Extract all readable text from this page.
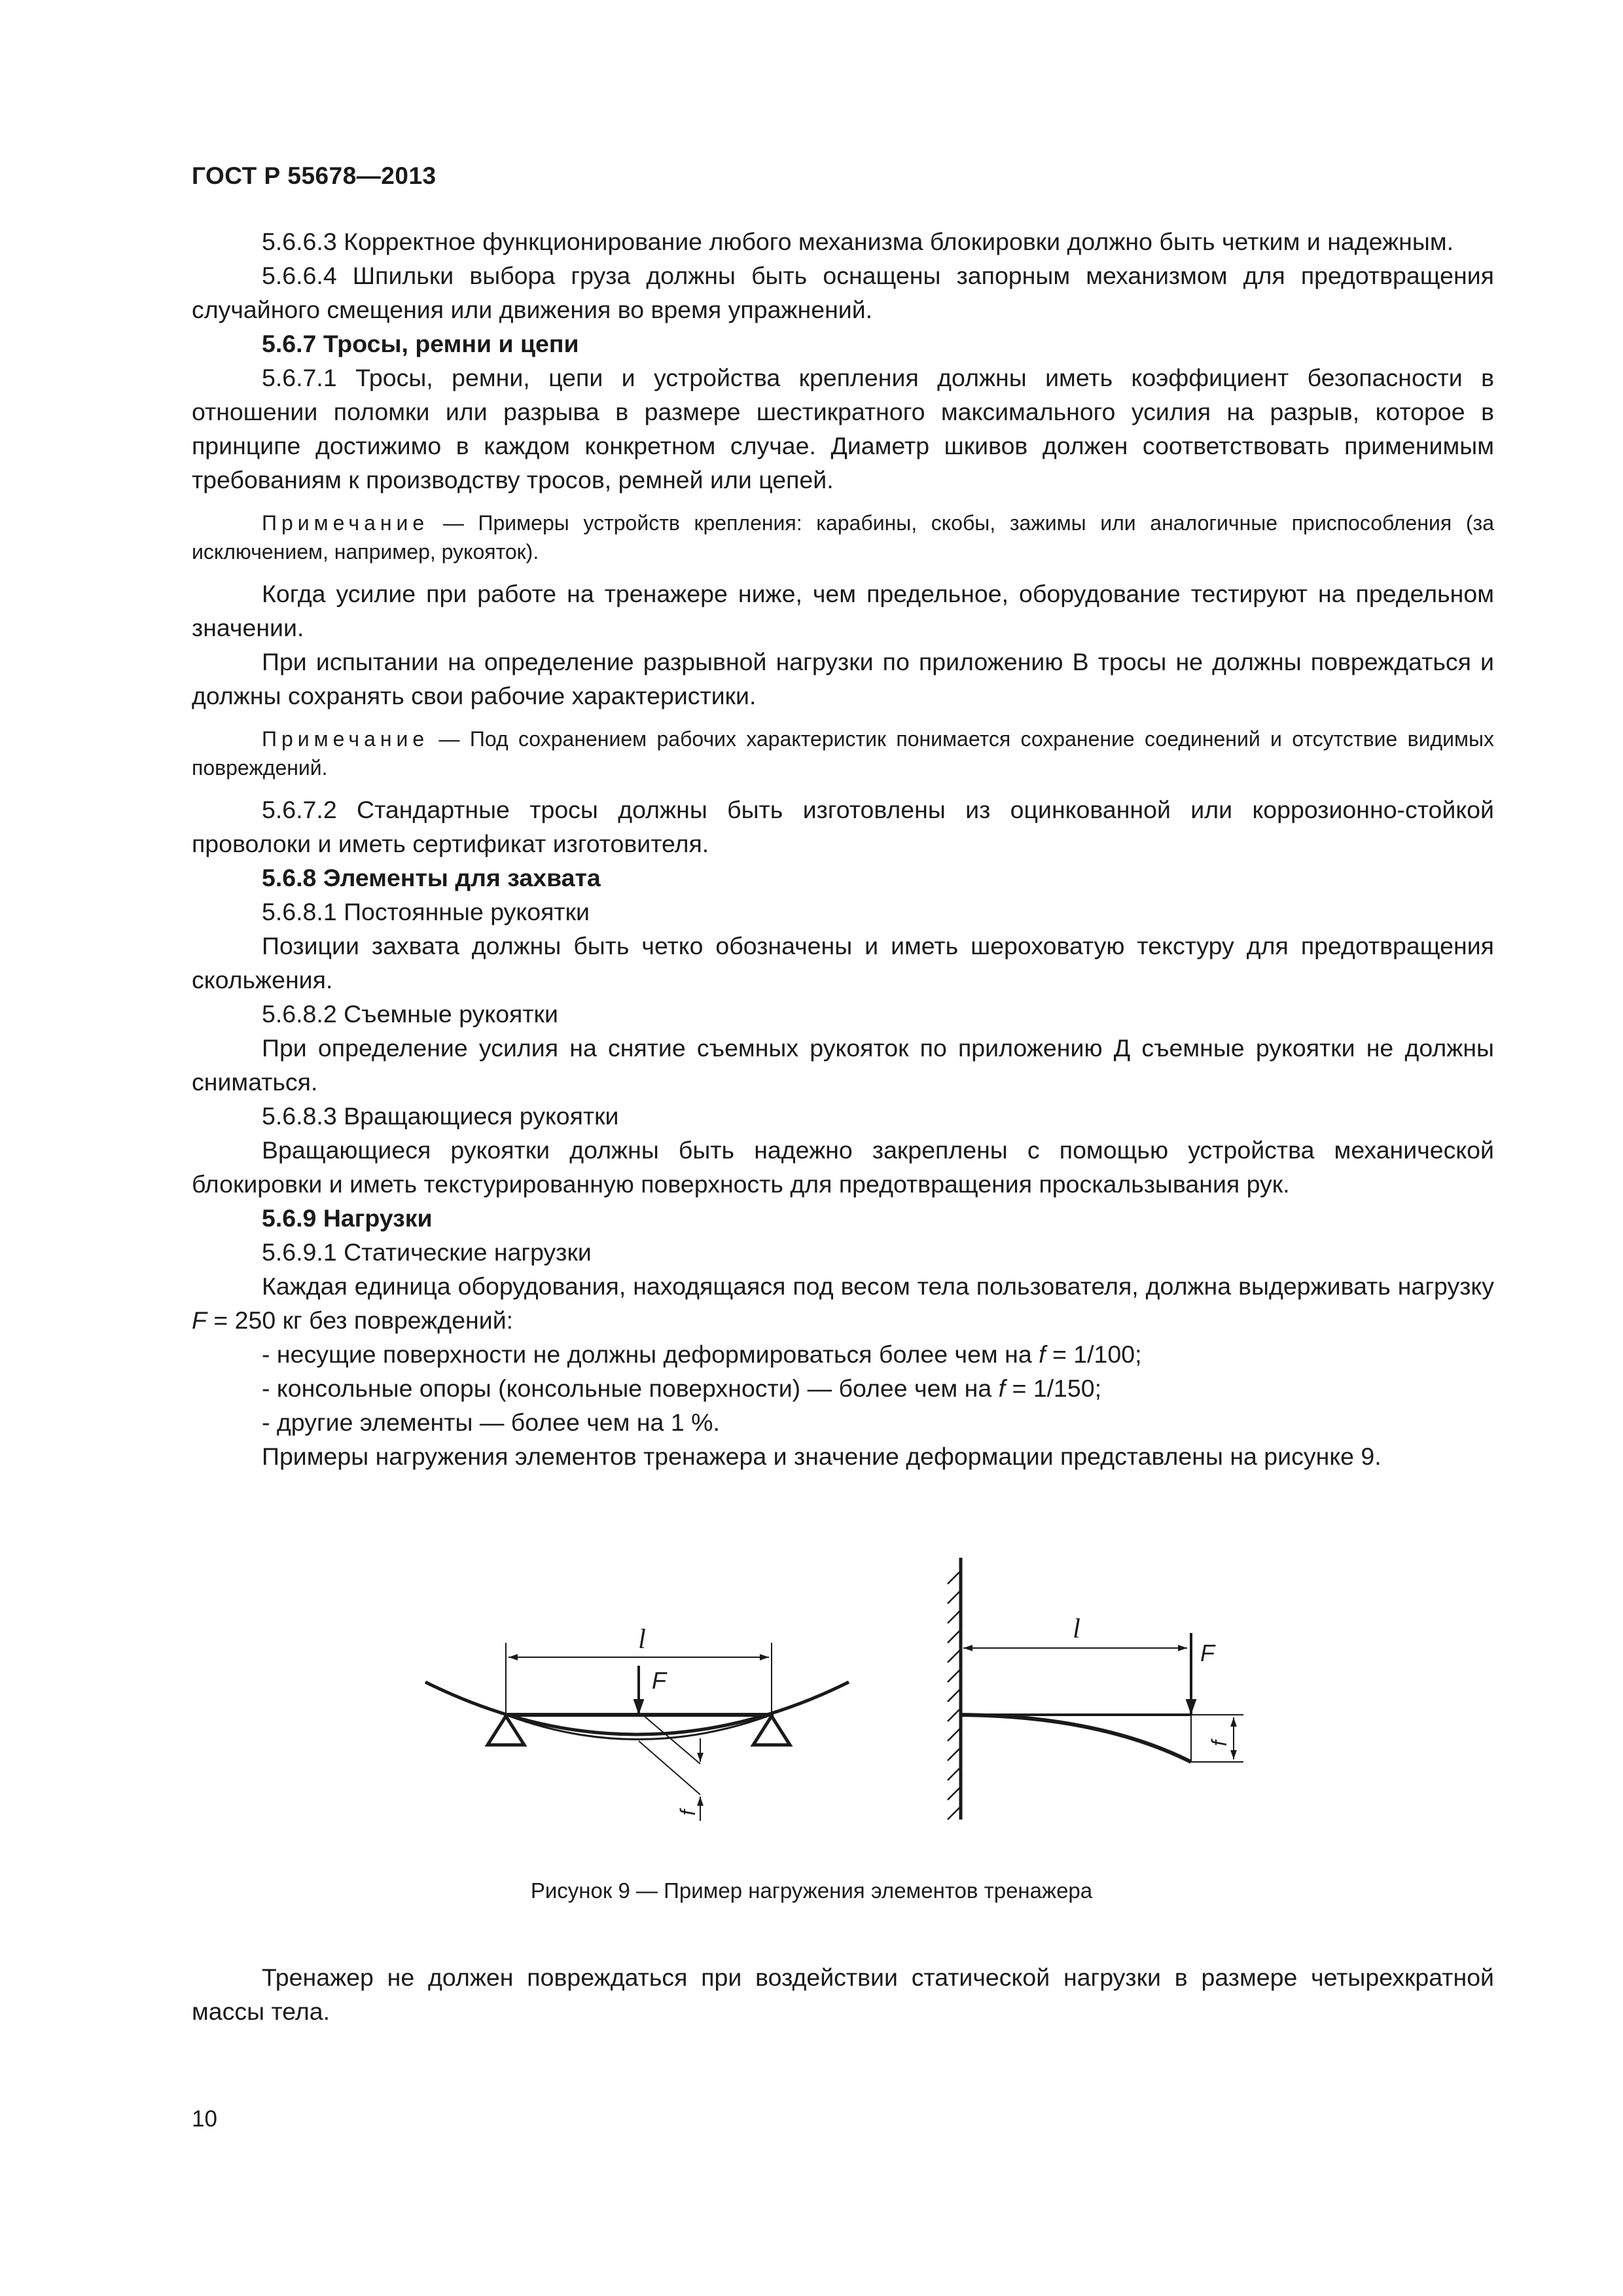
ГОСТ Р 55678—2013

5.6.6.3 Корректное функционирование любого механизма блокировки должно быть четким и надежным.

5.6.6.4 Шпильки выбора груза должны быть оснащены запорным механизмом для предотвращения случайного смещения или движения во время упражнений.

5.6.7 Тросы, ремни и цепи

5.6.7.1 Тросы, ремни, цепи и устройства крепления должны иметь коэффициент безопасности в отношении поломки или разрыва в размере шестикратного максимального усилия на разрыв, которое в принципе достижимо в каждом конкретном случае. Диаметр шкивов должен соответствовать применимым требованиям к производству тросов, ремней или цепей.

Примечание — Примеры устройств крепления: карабины, скобы, зажимы или аналогичные приспособления (за исключением, например, рукояток).

Когда усилие при работе на тренажере ниже, чем предельное, оборудование тестируют на предельном значении.

При испытании на определение разрывной нагрузки по приложению В тросы не должны повреждаться и должны сохранять свои рабочие характеристики.

Примечание — Под сохранением рабочих характеристик понимается сохранение соединений и отсутствие видимых повреждений.

5.6.7.2 Стандартные тросы должны быть изготовлены из оцинкованной или коррозионно-стойкой проволоки и иметь сертификат изготовителя.

5.6.8 Элементы для захвата

5.6.8.1 Постоянные рукоятки

Позиции захвата должны быть четко обозначены и иметь шероховатую текстуру для предотвращения скольжения.

5.6.8.2 Съемные рукоятки

При определение усилия на снятие съемных рукояток по приложению Д съемные рукоятки не должны сниматься.

5.6.8.3 Вращающиеся рукоятки

Вращающиеся рукоятки должны быть надежно закреплены с помощью устройства механической блокировки и иметь текстурированную поверхность для предотвращения проскальзывания рук.

5.6.9 Нагрузки

5.6.9.1 Статические нагрузки

Каждая единица оборудования, находящаяся под весом тела пользователя, должна выдерживать нагрузку F = 250 кг без повреждений:

- несущие поверхности не должны деформироваться более чем на f = 1/100;

- консольные опоры (консольные поверхности) — более чем на f = 1/150;

- другие элементы — более чем на 1 %.

Примеры нагружения элементов тренажера и значение деформации представлены на рисунке 9.

l
F
f
l
F
f
Рисунок 9 — Пример нагружения элементов тренажера

Тренажер не должен повреждаться при воздействии статической нагрузки в размере четырехкратной массы тела.

10
